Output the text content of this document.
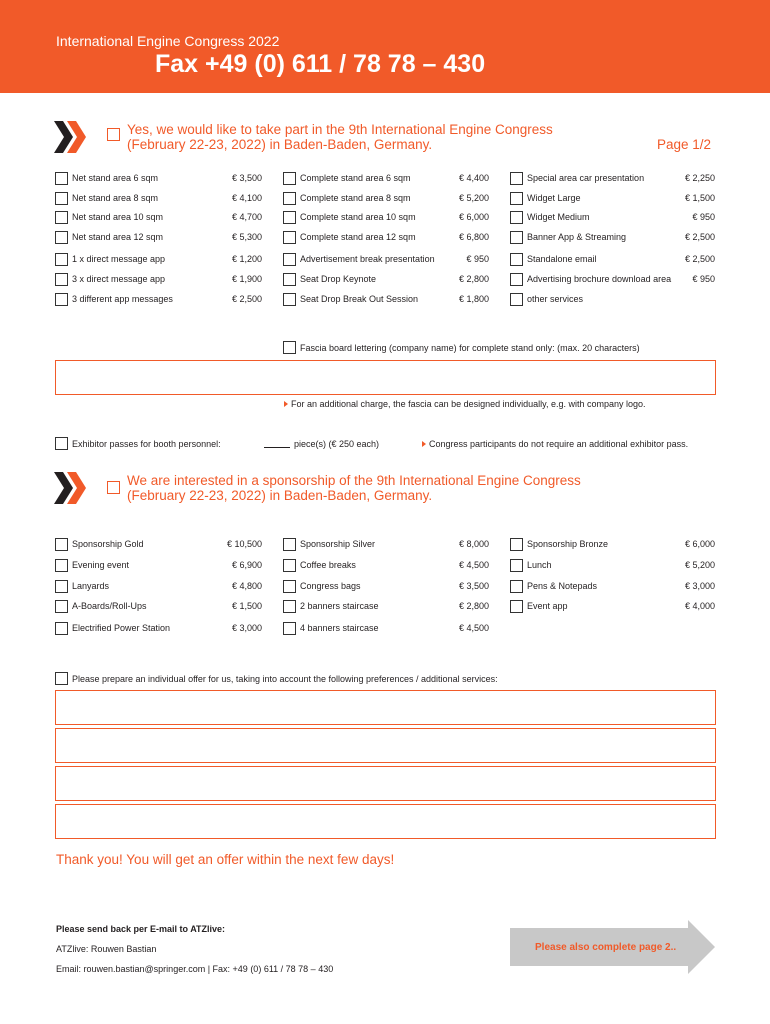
International Engine Congress 2022
Fax +49 (0) 611 / 78 78 – 430
Yes, we would like to take part in the 9th International Engine Congress
(February 22-23, 2022) in Baden-Baden, Germany.	Page 1/2
Net stand area 6 sqm	€ 3,500	Complete stand area 6 sqm	€ 4,400	Special area car presentation	€ 2,250
Net stand area 8 sqm	€ 4,100	Complete stand area 8 sqm	€ 5,200	Widget Large	€ 1,500
Net stand area 10 sqm	€ 4,700	Complete stand area 10 sqm	€ 6,000	Widget Medium	€ 950
Net stand area 12 sqm	€ 5,300	Complete stand area 12 sqm	€ 6,800	Banner App & Streaming	€ 2,500
1 x direct message app	€ 1,200	Advertisement break presentation	€ 950	Standalone email	€ 2,500
3 x direct message app	€ 1,900	Seat Drop Keynote	€ 2,800	Advertising brochure download area	€ 950
3 different app messages	€ 2,500	Seat Drop Break Out Session	€ 1,800	other services
Fascia board lettering (company name) for complete stand only: (max. 20 characters)
For an additional charge, the fascia can be designed individually, e.g. with company logo.
Exhibitor passes for booth personnel:	piece(s) (€ 250 each)	Congress participants do not require an additional exhibitor pass.
We are interested in a sponsorship of the 9th International Engine Congress
(February 22-23, 2022) in Baden-Baden, Germany.
Sponsorship Gold	€ 10,500	Sponsorship Silver	€ 8,000	Sponsorship Bronze	€ 6,000
Evening event	€ 6,900	Coffee breaks	€ 4,500	Lunch	€ 5,200
Lanyards	€ 4,800	Congress bags	€ 3,500	Pens & Notepads	€ 3,000
A-Boards/Roll-Ups	€ 1,500	2 banners staircase	€ 2,800	Event app	€ 4,000
Electrified Power Station	€ 3,000	4 banners staircase	€ 4,500
Please prepare an individual offer for us, taking into account the following preferences / additional services:
Thank you! You will get an offer within the next few days!
Please send back per E-mail to ATZlive:
ATZlive: Rouwen Bastian
Email: rouwen.bastian@springer.com | Fax: +49 (0) 611 / 78 78 – 430
Please also complete page 2..
